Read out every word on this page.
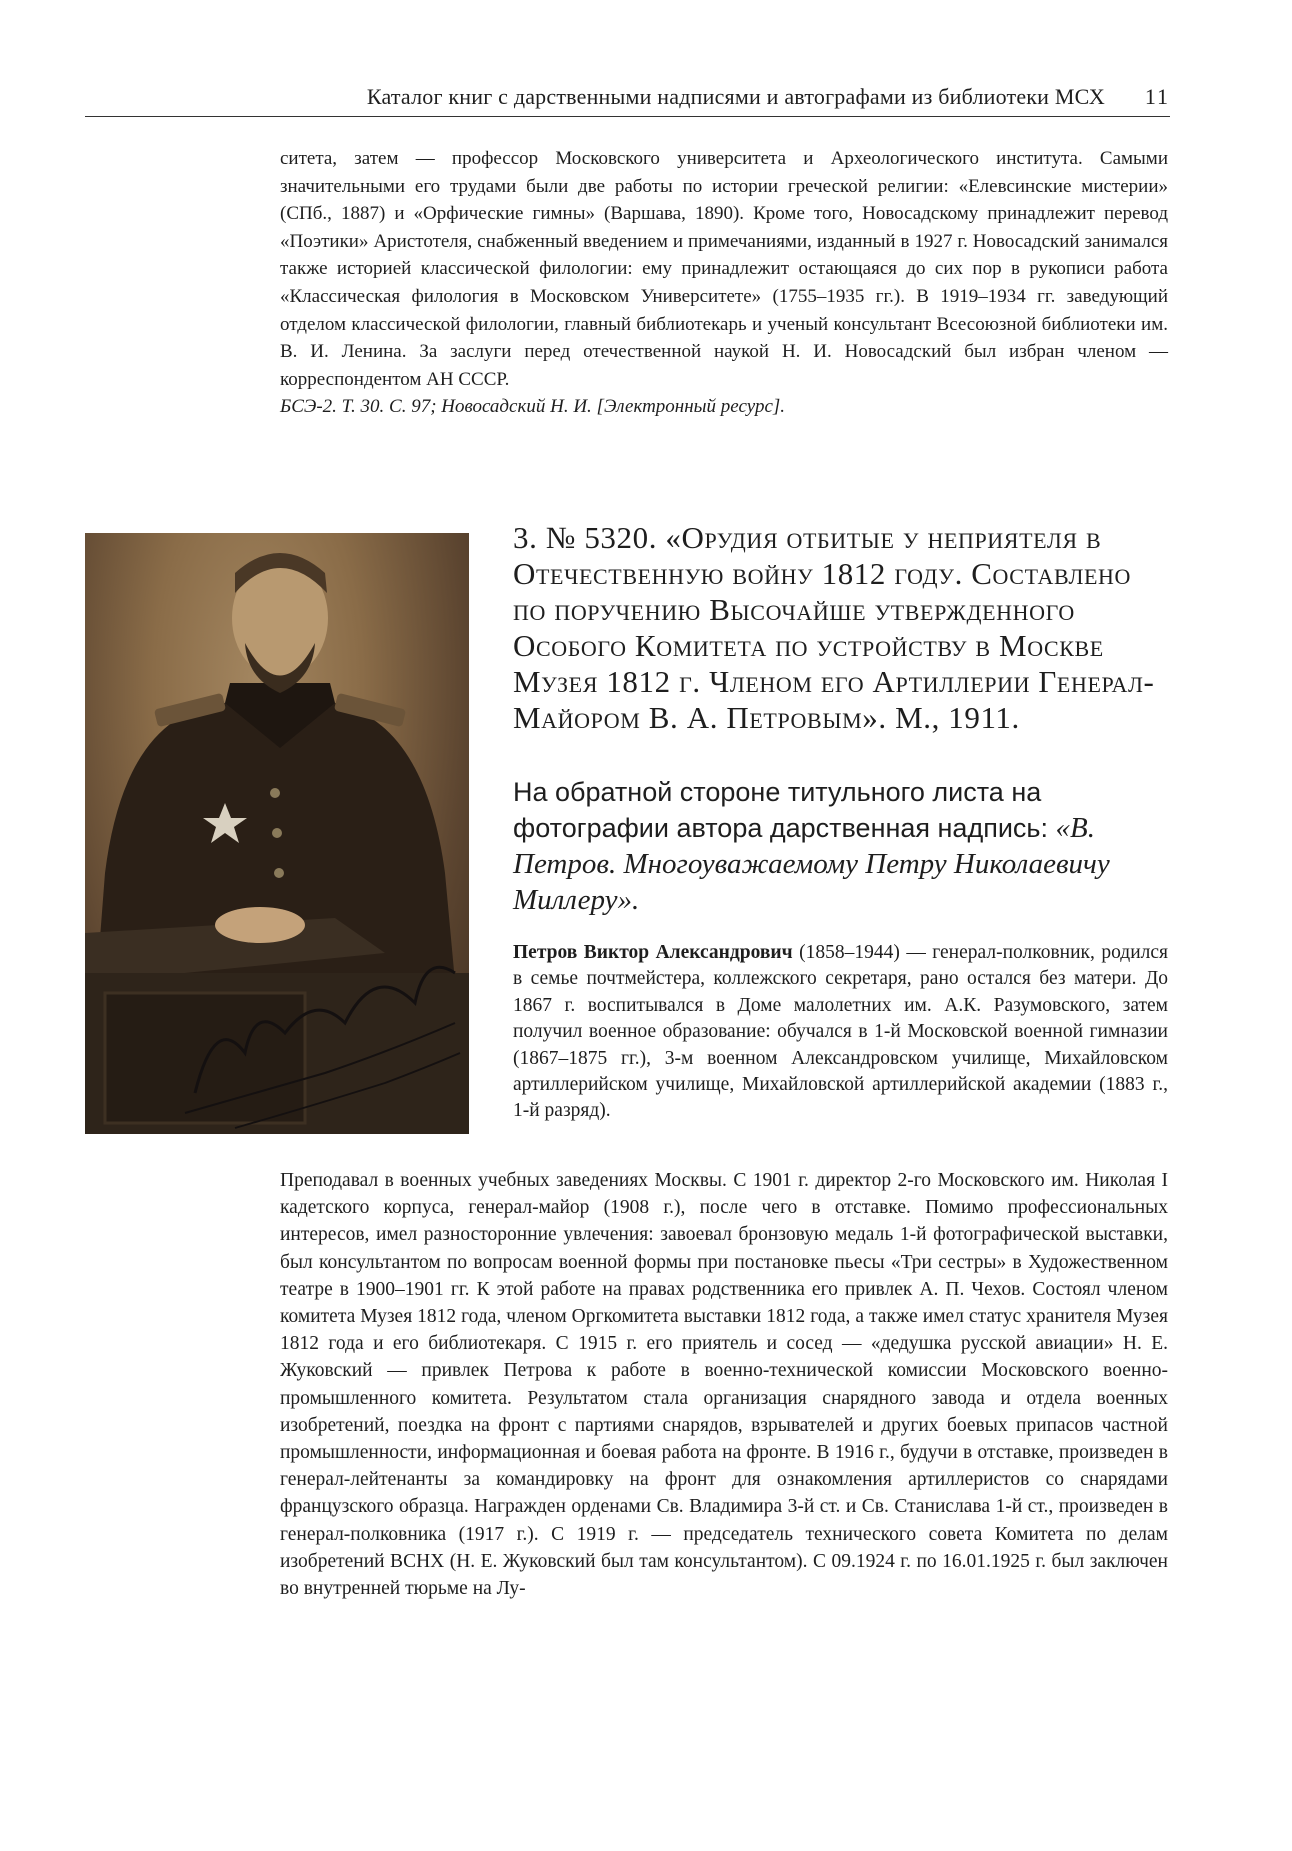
Каталог книг с дарственными надписями и автографами из библиотеки МСХ 11
ситета, затем — профессор Московского университета и Археологического института. Самыми значительными его трудами были две работы по истории греческой религии: «Елевсинские мистерии» (СПб., 1887) и «Орфические гимны» (Варшава, 1890). Кроме того, Новосадскому принадлежит перевод «Поэтики» Аристотеля, снабженный введением и примечаниями, изданный в 1927 г. Новосадский занимался также историей классической филологии: ему принадлежит остающаяся до сих пор в рукописи работа «Классическая филология в Московском Университете» (1755–1935 гг.). В 1919–1934 гг. заведующий отделом классической филологии, главный библиотекарь и ученый консультант Всесоюзной библиотеки им. В. И. Ленина. За заслуги перед отечественной наукой Н. И. Новосадский был избран членом — корреспондентом АН СССР.
БСЭ-2. Т. 30. С. 97; Новосадский Н. И. [Электронный ресурс].
3. № 5320. «Орудия отбитые у неприятеля в Отечественную войну 1812 году. Составлено по поручению Высочайше утвержденного Особого Комитета по устройству в Москве Музея 1812 г. Членом его Артиллерии Генерал-Майором В. А. Петровым». М., 1911.
На обратной стороне титульного листа на фотографии автора дарственная надпись: «В. Петров. Многоуважаемому Петру Николаевичу Миллеру».
Петров Виктор Александрович (1858–1944) — генерал-полковник, родился в семье почтмейстера, коллежского секретаря, рано остался без матери. До 1867 г. воспитывался в Доме малолетних им. А.К. Разумовского, затем получил военное образование: обучался в 1-й Московской военной гимназии (1867–1875 гг.), 3-м военном Александровском училище, Михайловском артиллерийском училище, Михайловской артиллерийской академии (1883 г., 1-й разряд).
Преподавал в военных учебных заведениях Москвы. С 1901 г. директор 2-го Московского им. Николая I кадетского корпуса, генерал-майор (1908 г.), после чего в отставке. Помимо профессиональных интересов, имел разносторонние увлечения: завоевал бронзовую медаль 1-й фотографической выставки, был консультантом по вопросам военной формы при постановке пьесы «Три сестры» в Художественном театре в 1900–1901 гг. К этой работе на правах родственника его привлек А. П. Чехов. Состоял членом комитета Музея 1812 года, членом Оргкомитета выставки 1812 года, а также имел статус хранителя Музея 1812 года и его библиотекаря. С 1915 г. его приятель и сосед — «дедушка русской авиации» Н. Е. Жуковский — привлек Петрова к работе в военно-технической комиссии Московского военно-промышленного комитета. Результатом стала организация снарядного завода и отдела военных изобретений, поездка на фронт с партиями снарядов, взрывателей и других боевых припасов частной промышленности, информационная и боевая работа на фронте. В 1916 г., будучи в отставке, произведен в генерал-лейтенанты за командировку на фронт для ознакомления артиллеристов со снарядами французского образца. Награжден орденами Св. Владимира 3-й ст. и Св. Станислава 1-й ст., произведен в генерал-полковника (1917 г.). С 1919 г. — председатель технического совета Комитета по делам изобретений ВСНХ (Н. Е. Жуковский был там консультантом). С 09.1924 г. по 16.01.1925 г. был заключен во внутренней тюрьме на Лу-
